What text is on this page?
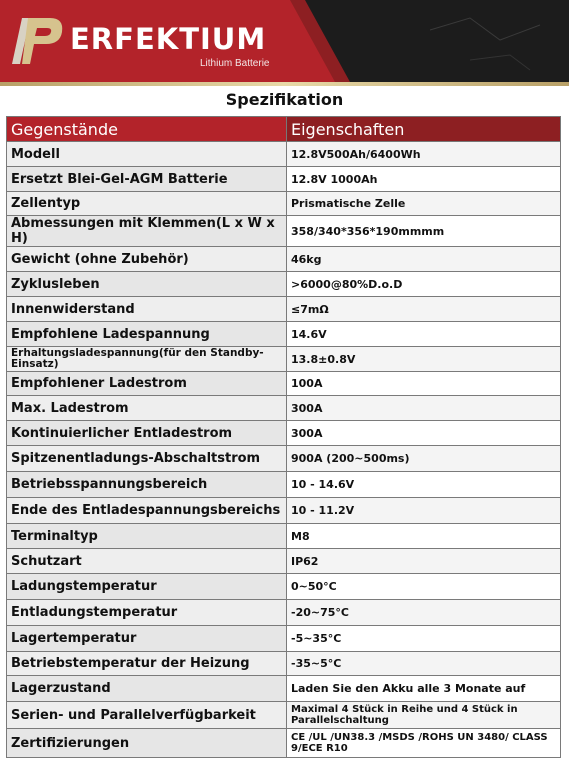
ERFEKTIUM
Lithium Batterie
Spezifikation
Gegenstände	Eigenschaften
Modell	12.8V500Ah/6400Wh
Ersetzt Blei-Gel-AGM Batterie	12.8V 1000Ah
Zellentyp	Prismatische Zelle
Abmessungen mit Klemmen(L x W x H)	358/340*356*190mmmm
Gewicht (ohne Zubehör)	46kg
Zyklusleben	>6000@80%D.o.D
Innenwiderstand	≤7mΩ
Empfohlene Ladespannung	14.6V
Erhaltungsladespannung(für den Standby-Einsatz)	13.8±0.8V
Empfohlener Ladestrom	100A
Max. Ladestrom	300A
Kontinuierlicher Entladestrom	300A
Spitzenentladungs-Abschaltstrom	900A (200~500ms)
Betriebsspannungsbereich	10 - 14.6V
Ende des Entladespannungsbereichs	10 - 11.2V
Terminaltyp	M8
Schutzart	IP62
Ladungstemperatur	0~50°C
Entladungstemperatur	-20~75°C
Lagertemperatur	-5~35°C
Betriebstemperatur der Heizung	-35~5°C
Lagerzustand	Laden Sie den Akku alle 3 Monate auf
Serien- und Parallelverfügbarkeit	Maximal 4 Stück in Reihe und 4 Stück in Parallelschaltung
Zertifizierungen	CE /UL /UN38.3 /MSDS /ROHS UN 3480/ CLASS 9/ECE R10
